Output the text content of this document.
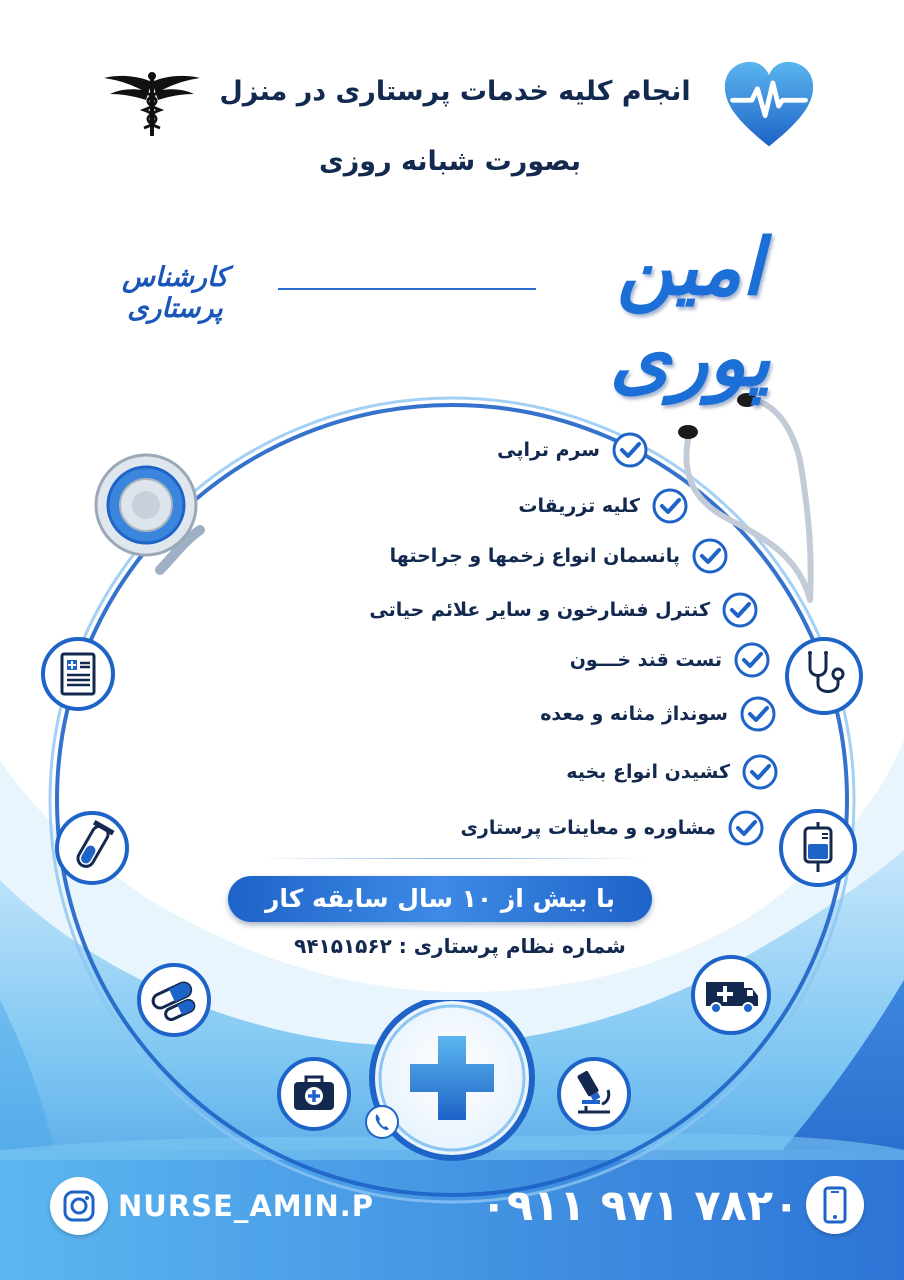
انجام کلیه خدمات پرستاری در منزل
بصورت شبانه روزی
امین پوری
کارشناس پرستاری
سرم تراپی
کلیه تزریقات
پانسمان انواع زخمها و جراحتها
کنترل فشارخون و سایر علائم حیاتی
تست قند خـــون
سونداژ مثانه و معده
کشیدن انواع بخیه
مشاوره و معاینات پرستاری
با بیش از ۱۰ سال سابقه کار
شماره نظام پرستاری : ۹۴۱۵۱۵۶۲
NURSE_AMIN.P ۰۹۱۱ ۹۷۱ ۷۸۲۰
